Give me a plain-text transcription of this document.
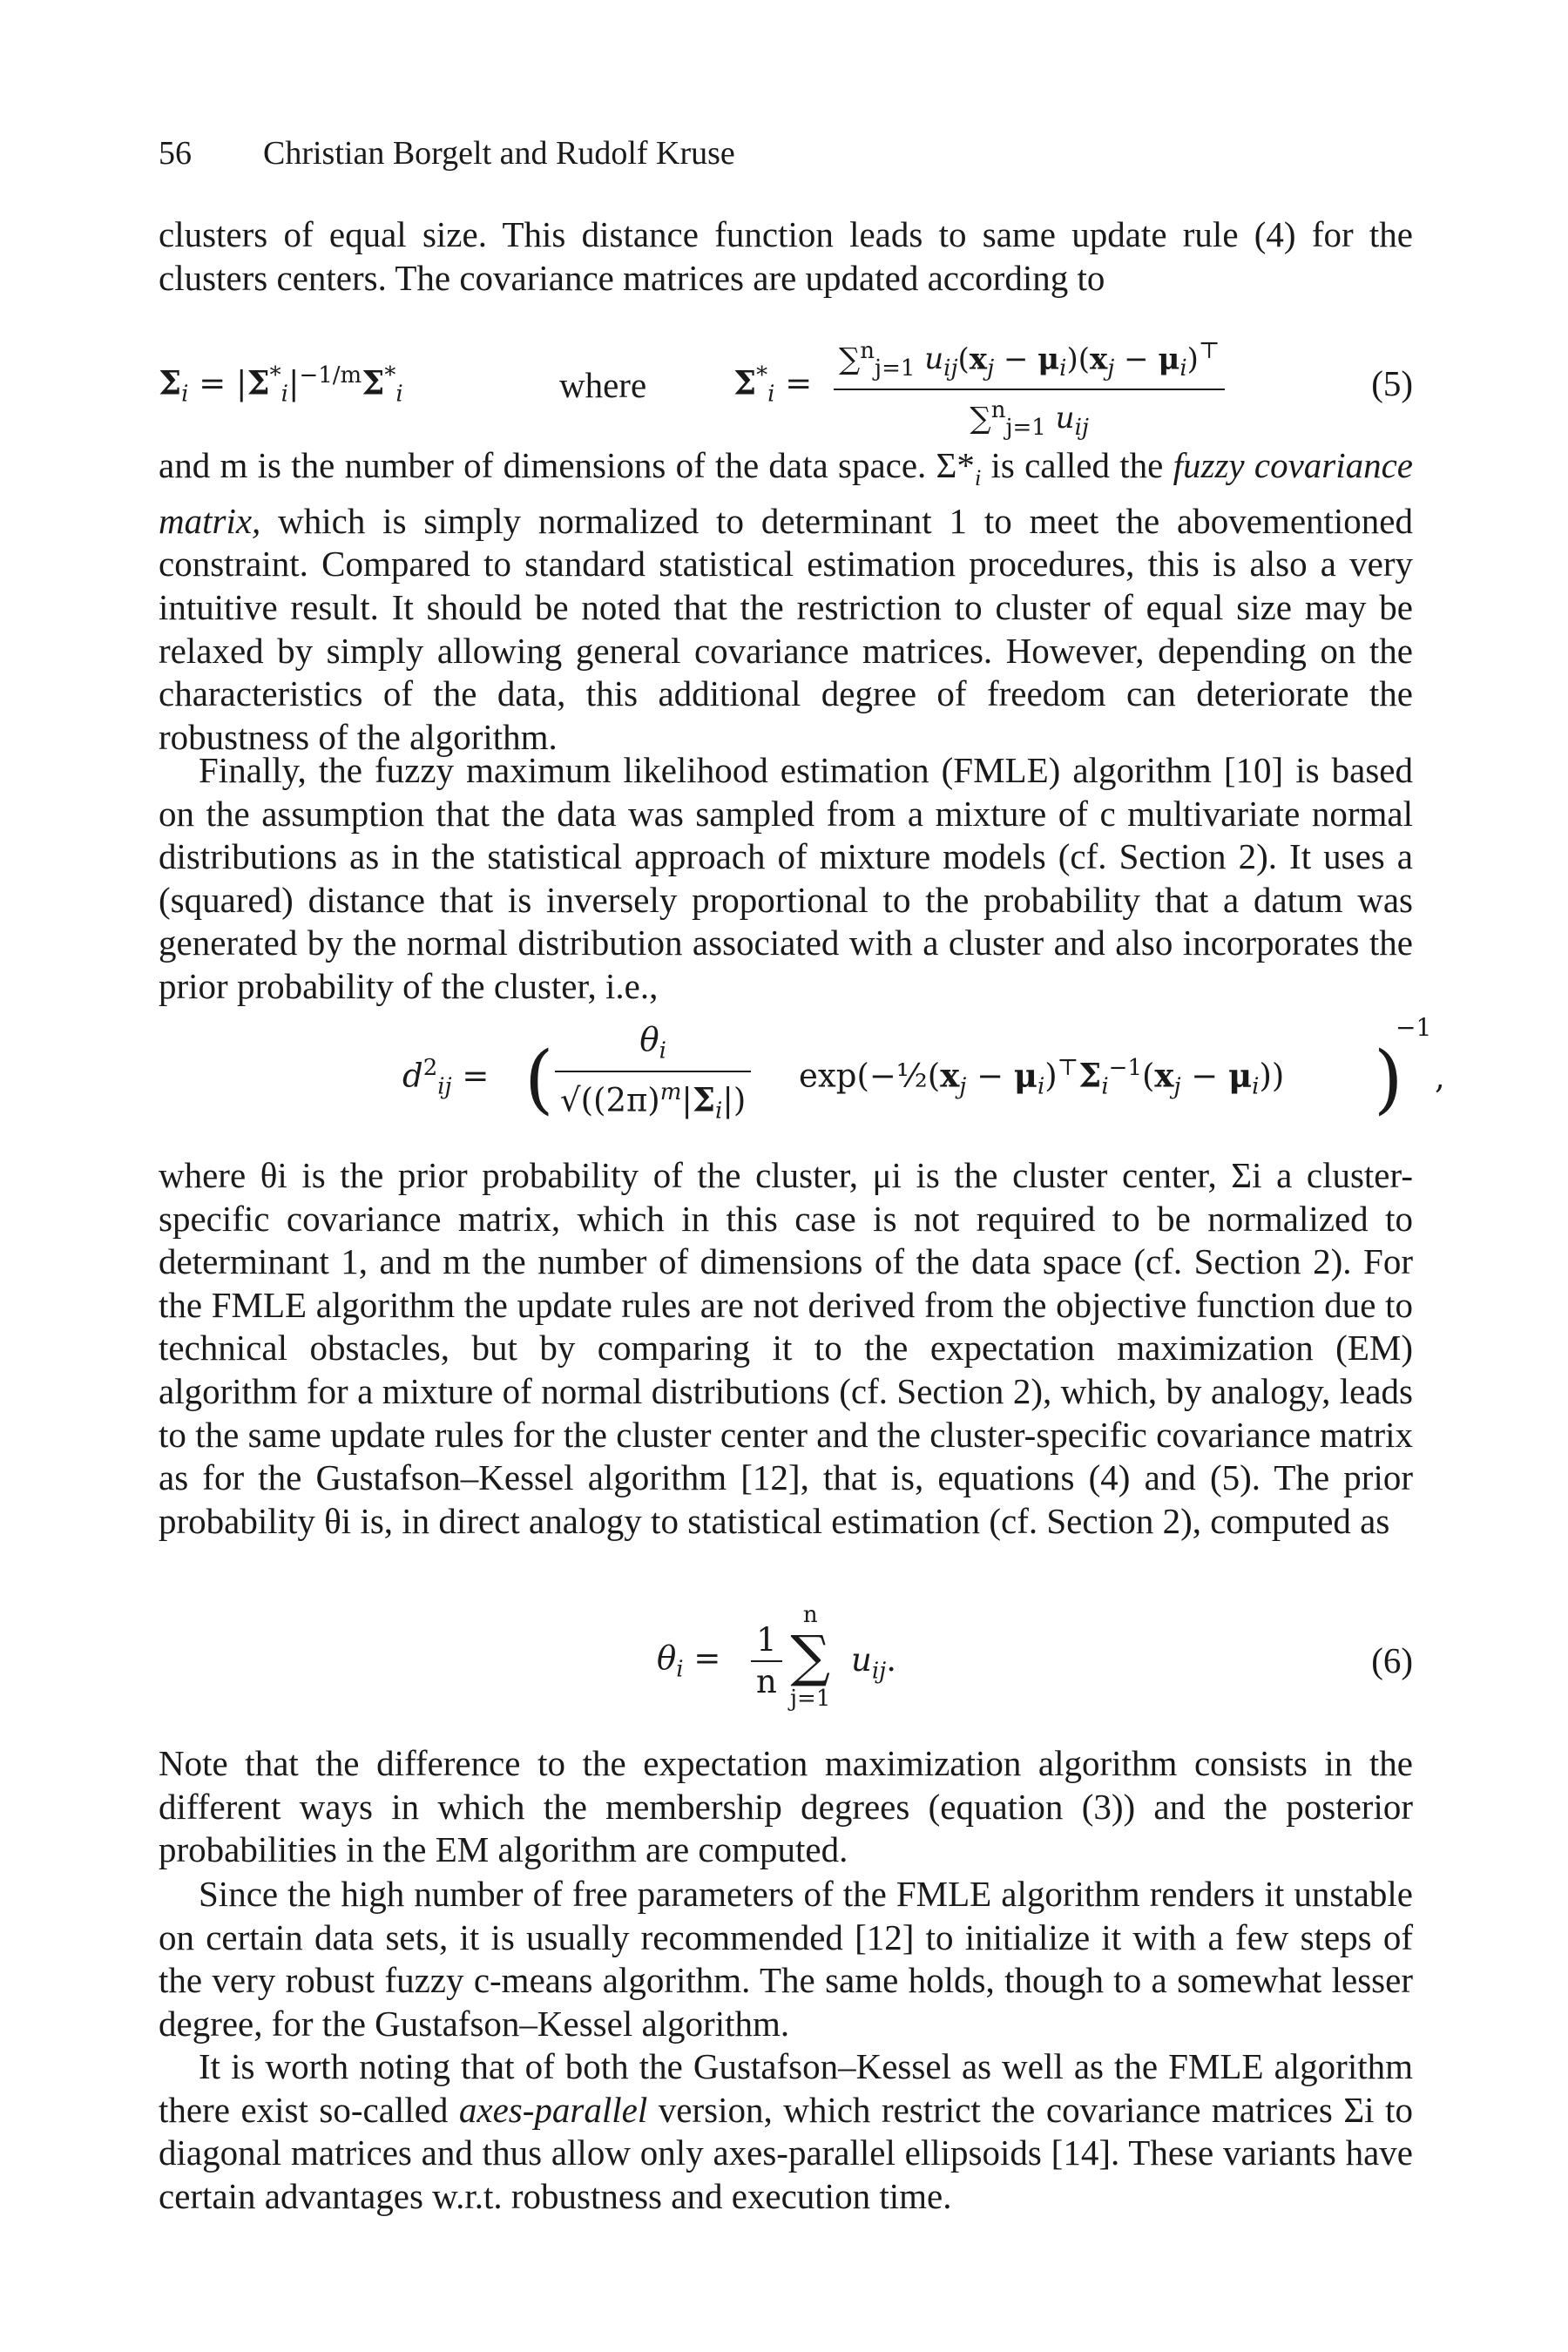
56 Christian Borgelt and Rudolf Kruse

clusters of equal size. This distance function leads to same update rule (4) for the clusters centers. The covariance matrices are updated according to

$\Sigma_i = |\Sigma^*_i|^{-1/m}\Sigma^*_i$	where	$\Sigma^*_i$ =
∑$^n_{j=1}$ $u_{ij}(x_j - \mu_i)(x_j - \mu_i)^⊤$
∑$^n_{j=1}$ $u_{ij}$
(5)

and m is the number of dimensions of the data space. $\Sigma*_i$ is called the fuzzy covariance matrix, which is simply normalized to determinant 1 to meet the abovementioned constraint. Compared to standard statistical estimation procedures, this is also a very intuitive result. It should be noted that the restriction to cluster of equal size may be relaxed by simply allowing general covariance matrices. However, depending on the characteristics of the data, this additional degree of freedom can deteriorate the robustness of the algorithm.

Finally, the fuzzy maximum likelihood estimation (FMLE) algorithm [10] is based on the assumption that the data was sampled from a mixture of c multivariate normal distributions as in the statistical approach of mixture models (cf. Section 2). It uses a (squared) distance that is inversely proportional to the probability that a datum was generated by the normal distribution associated with a cluster and also incorporates the prior probability of the cluster, i.e.,

$d^2_{ij}$ = ( $\frac{\theta_i}{√((2\pi)^m|\Sigma_i|)}$ $\exp(-\frac{1}{2}(x_j - \mu_i)^⊤\Sigma_i^{-1}(x_j - \mu_i))$ )
−1
,

where θi is the prior probability of the cluster, μi is the cluster center, Σi a cluster-specific covariance matrix, which in this case is not required to be normalized to determinant 1, and m the number of dimensions of the data space (cf. Section 2). For the FMLE algorithm the update rules are not derived from the objective function due to technical obstacles, but by comparing it to the expectation maximization (EM) algorithm for a mixture of normal distributions (cf. Section 2), which, by analogy, leads to the same update rules for the cluster center and the cluster-specific covariance matrix as for the Gustafson–Kessel algorithm [12], that is, equations (4) and (5). The prior probability θi is, in direct analogy to statistical estimation (cf. Section 2), computed as

$\theta_i = \frac{1}{n}$
n
∑
j=1
$u_{ij}$.	(6)

Note that the difference to the expectation maximization algorithm consists in the different ways in which the membership degrees (equation (3)) and the posterior probabilities in the EM algorithm are computed.

Since the high number of free parameters of the FMLE algorithm renders it unstable on certain data sets, it is usually recommended [12] to initialize it with a few steps of the very robust fuzzy c-means algorithm. The same holds, though to a somewhat lesser degree, for the Gustafson–Kessel algorithm.

It is worth noting that of both the Gustafson–Kessel as well as the FMLE algorithm there exist so-called axes-parallel version, which restrict the covariance matrices Σi to diagonal matrices and thus allow only axes-parallel ellipsoids [14]. These variants have certain advantages w.r.t. robustness and execution time.
